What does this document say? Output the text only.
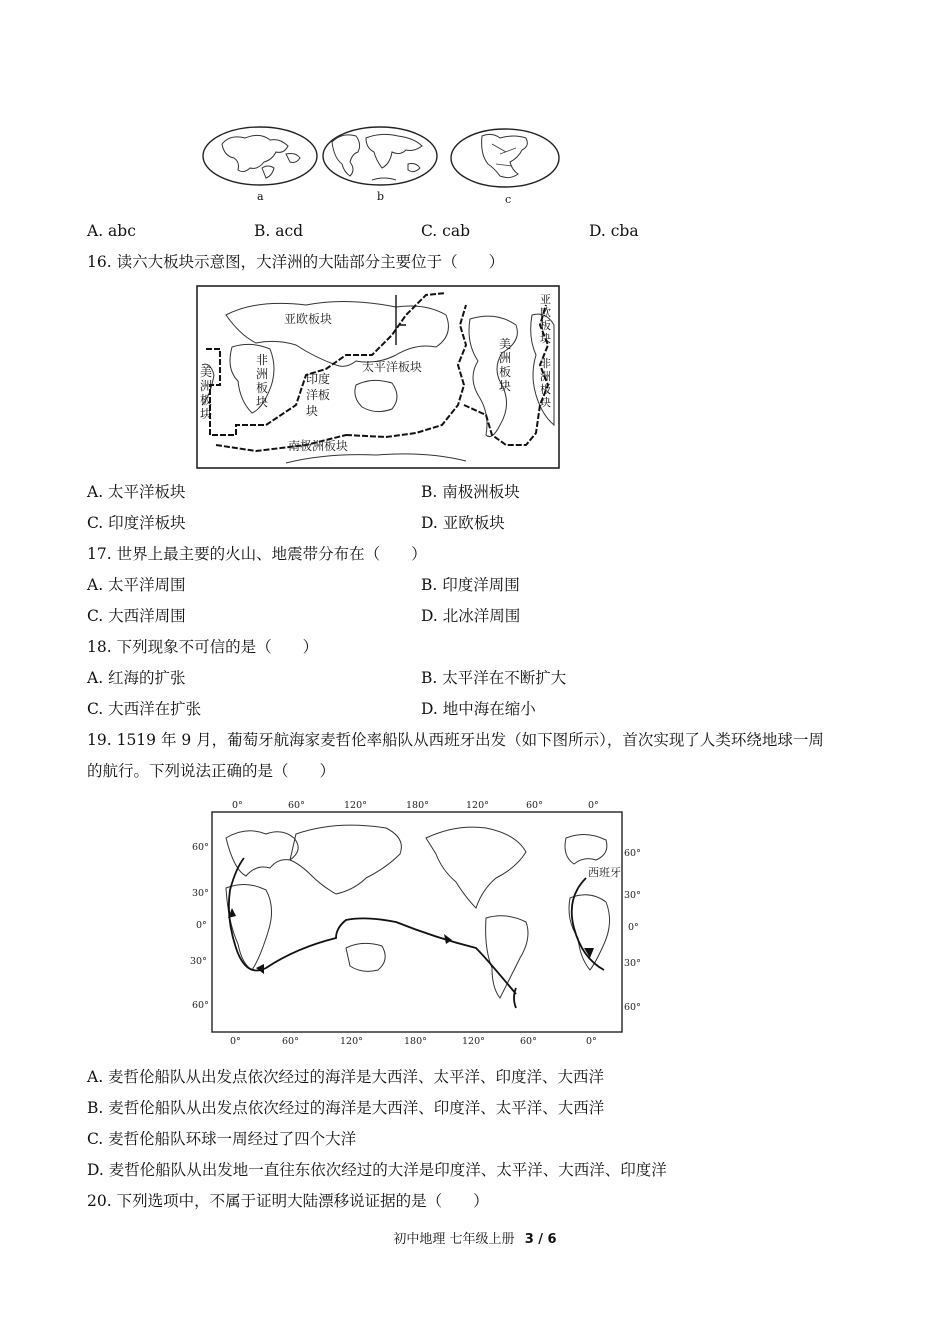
a	b	c
A. abc	B. acd	C. cab	D. cba
16. 读六大板块示意图，大洋洲的大陆部分主要位于（　　）
亚欧板块
太平洋板块
南极洲板块
非洲板块
印度洋板块
美洲板块
美洲板块
亚欧板块
非洲板块
A. 太平洋板块	B. 南极洲板块
C. 印度洋板块	D. 亚欧板块
17. 世界上最主要的火山、地震带分布在（　　）
A. 太平洋周围	B. 印度洋周围
C. 大西洋周围	D. 北冰洋周围
18. 下列现象不可信的是（　　）
A. 红海的扩张	B. 太平洋在不断扩大
C. 大西洋在扩张	D. 地中海在缩小
19. 1519 年 9 月，葡萄牙航海家麦哲伦率船队从西班牙出发（如下图所示），首次实现了人类环绕地球一周
的航行。下列说法正确的是（　　）
0°	60°	120°	180°	120°	60°	0°
0°	60°	120°	180°	120°	60°	0°
60°
30°
0°
30°
60°
60°
30°
0°
30°
60°
西班牙
A. 麦哲伦船队从出发点依次经过的海洋是大西洋、太平洋、印度洋、大西洋
B. 麦哲伦船队从出发点依次经过的海洋是大西洋、印度洋、太平洋、大西洋
C. 麦哲伦船队环球一周经过了四个大洋
D. 麦哲伦船队从出发地一直往东依次经过的大洋是印度洋、太平洋、大西洋、印度洋
20. 下列选项中，不属于证明大陆漂移说证据的是（　　）
初中地理 七年级上册 3 / 6
